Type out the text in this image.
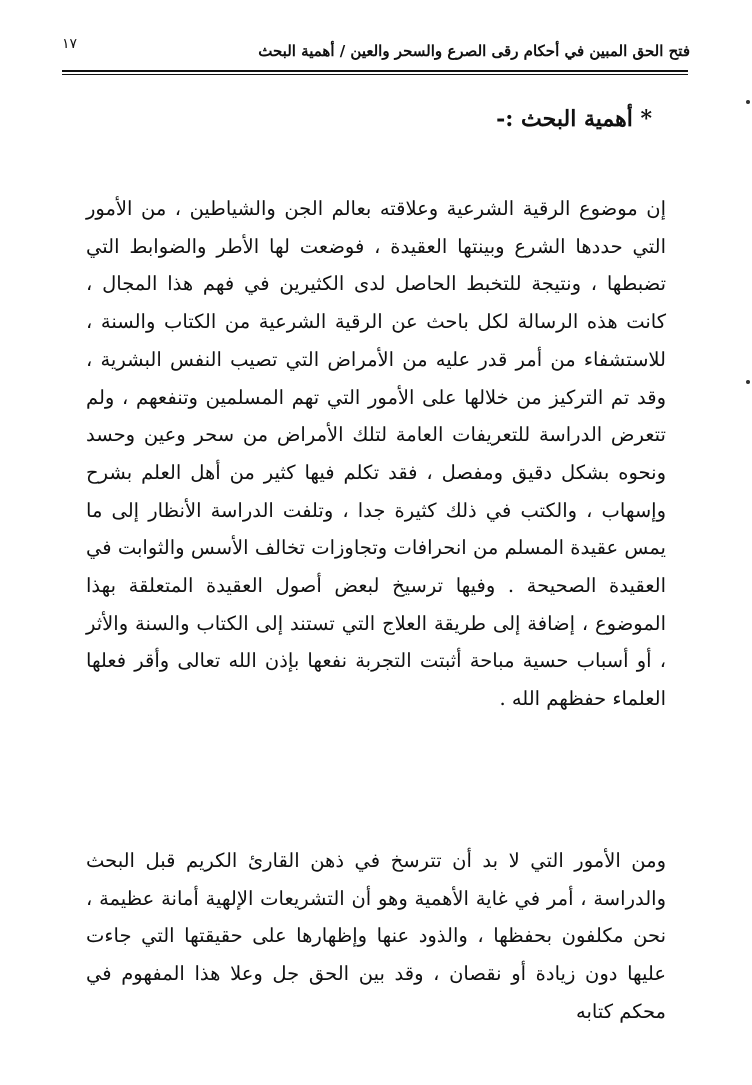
فتح الحق المبين في أحكام رقى الصرع والسحر والعين / أهمية البحث
١٧
* أهمية البحث :-

إن موضوع الرقية الشرعية وعلاقته بعالم الجن والشياطين ، من الأمور التي حددها الشرع وبينتها العقيدة ، فوضعت لها الأطر والضوابط التي تضبطها ، ونتيجة للتخبط الحاصل لدى الكثيرين في فهم هذا المجال ، كانت هذه الرسالة لكل باحث عن الرقية الشرعية من الكتاب والسنة ، للاستشفاء من أمر قدر عليه من الأمراض التي تصيب النفس البشرية ، وقد تم التركيز من خلالها على الأمور التي تهم المسلمين وتنفعهم ، ولم تتعرض الدراسة للتعريفات العامة لتلك الأمراض من سحر وعين وحسد ونحوه بشكل دقيق ومفصل ، فقد تكلم فيها كثير من أهل العلم بشرح وإسهاب ، والكتب في ذلك كثيرة جدا ، وتلفت الدراسة الأنظار إلى ما يمس عقيدة المسلم من انحرافات وتجاوزات تخالف الأسس والثوابت في العقيدة الصحيحة . وفيها ترسيخ لبعض أصول العقيدة المتعلقة بهذا الموضوع ، إضافة إلى طريقة العلاج التي تستند إلى الكتاب والسنة والأثر ، أو أسباب حسية مباحة أثبتت التجربة نفعها بإذن الله تعالى وأقر فعلها العلماء حفظهم الله .

ومن الأمور التي لا بد أن تترسخ في ذهن القارئ الكريم قبل البحث والدراسة ، أمر في غاية الأهمية وهو أن التشريعات الإلهية أمانة عظيمة ، نحن مكلفون بحفظها ، والذود عنها وإظهارها على حقيقتها التي جاءت عليها دون زيادة أو نقصان ، وقد بين الحق جل وعلا هذا المفهوم في محكم كتابه
